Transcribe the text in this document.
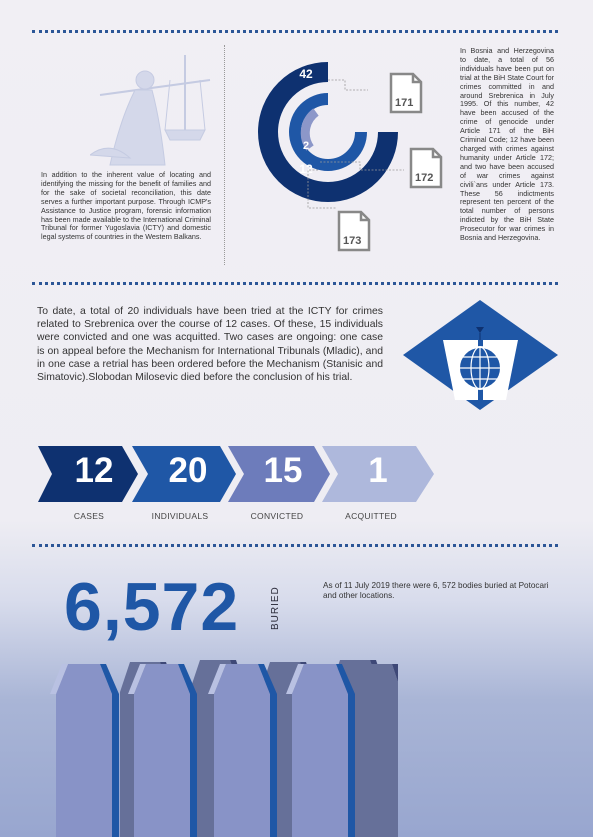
In addition to the inherent value of locating and identifying the missing for the benefit of families and for the sake of societal reconciliation, this date serves a further important purpose. Through ICMP's Assistance to Justice program, forensic information has been made available to the International Criminal Tribunal for former Yugoslavia (ICTY) and domestic legal systems of countries in the Western Balkans.
42
2
12
171
172
173
In Bosnia and Herzegovina to date, a total of 56 individuals have been put on trial at the BiH State Court for crimes committed in and around Srebrenica in July 1995. Of this number, 42 have been accused of the crime of genocide under Article 171 of the BiH Criminal Code; 12 have been charged with crimes against humanity under Article 172; and two have been accused of war crimes against civili`ans under Article 173. These 56 indictments represent ten percent of the total number of persons indicted by the BiH State Prosecutor for war crimes in Bosnia and Herzegovina.
To date, a total of 20 individuals have been tried at the ICTY for crimes related to Srebrenica over the course of 12 cases. Of these, 15 individuals were convicted and one was acquitted. Two cases are ongoing: one case is on appeal before the Mechanism for International Tribunals (Mladic), and in one case a retrial has been ordered before the Mechanism (Stanisic and Simatovic).Slobodan Milosevic died before the conclusion of his trial.
12	20	15	1
CASES	INDIVIDUALS	CONVICTED	ACQUITTED
6,572	BURIED
As of 11 July 2019 there were 6, 572 bodies buried at Potocari and other locations.
